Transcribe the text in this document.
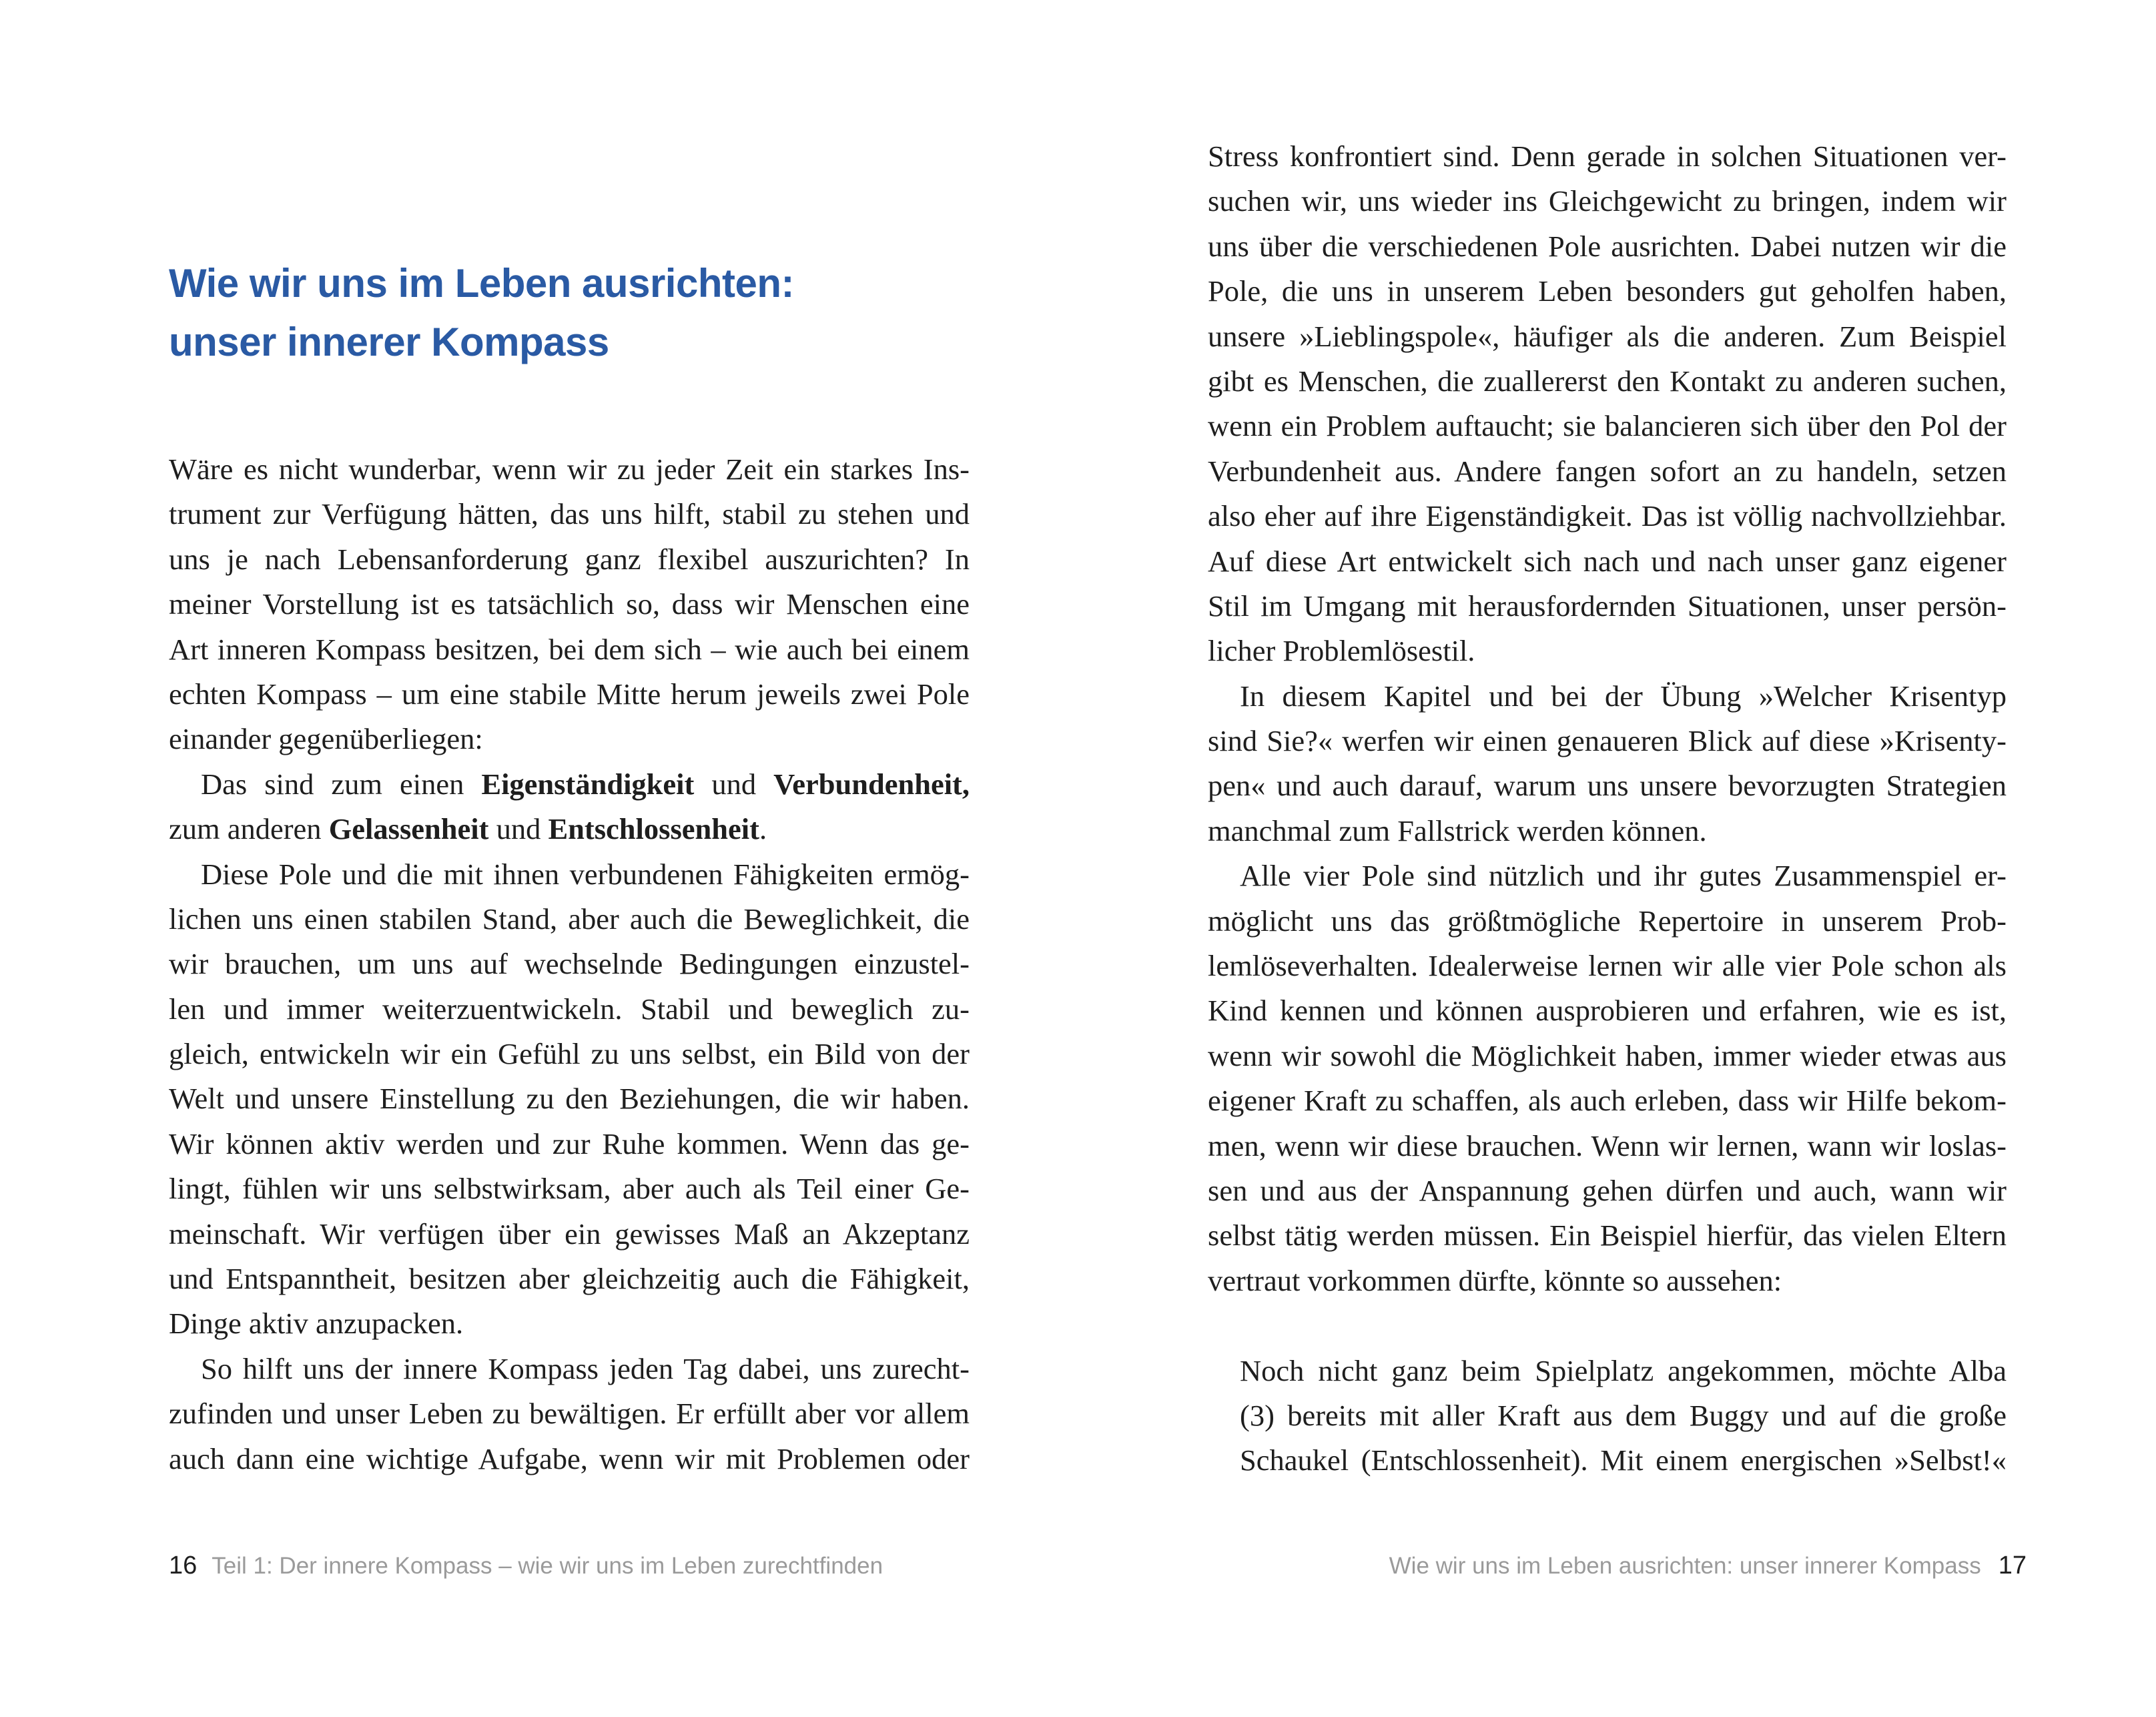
Wie wir uns im Leben ausrichten:
unser innerer Kompass
Wäre es nicht wunderbar, wenn wir zu jeder Zeit ein starkes Ins-
trument zur Verfügung hätten, das uns hilft, stabil zu stehen und
uns je nach Lebensanforderung ganz flexibel auszurichten? In
meiner Vorstellung ist es tatsächlich so, dass wir Menschen eine
Art inneren Kompass besitzen, bei dem sich – wie auch bei einem
echten Kompass – um eine stabile Mitte herum jeweils zwei Pole
einander gegenüberliegen:
Das sind zum einen Eigenständigkeit und Verbundenheit,
zum anderen Gelassenheit und Entschlossenheit.
Diese Pole und die mit ihnen verbundenen Fähigkeiten ermög-
lichen uns einen stabilen Stand, aber auch die Beweglichkeit, die
wir brauchen, um uns auf wechselnde Bedingungen einzustel-
len und immer weiterzuentwickeln. Stabil und beweglich zu-
gleich, entwickeln wir ein Gefühl zu uns selbst, ein Bild von der
Welt und unsere Einstellung zu den Beziehungen, die wir haben.
Wir können aktiv werden und zur Ruhe kommen. Wenn das ge-
lingt, fühlen wir uns selbstwirksam, aber auch als Teil einer Ge-
meinschaft. Wir verfügen über ein gewisses Maß an Akzeptanz
und Entspanntheit, besitzen aber gleichzeitig auch die Fähigkeit,
Dinge aktiv anzupacken.
So hilft uns der innere Kompass jeden Tag dabei, uns zurecht-
zufinden und unser Leben zu bewältigen. Er erfüllt aber vor allem
auch dann eine wichtige Aufgabe, wenn wir mit Problemen oder
16 Teil 1: Der innere Kompass – wie wir uns im Leben zurechtfinden
Stress konfrontiert sind. Denn gerade in solchen Situationen ver-
suchen wir, uns wieder ins Gleichgewicht zu bringen, indem wir
uns über die verschiedenen Pole ausrichten. Dabei nutzen wir die
Pole, die uns in unserem Leben besonders gut geholfen haben,
unsere »Lieblingspole«, häufiger als die anderen. Zum Beispiel
gibt es Menschen, die zuallererst den Kontakt zu anderen suchen,
wenn ein Problem auftaucht; sie balancieren sich über den Pol der
Verbundenheit aus. Andere fangen sofort an zu handeln, setzen
also eher auf ihre Eigenständigkeit. Das ist völlig nachvollziehbar.
Auf diese Art entwickelt sich nach und nach unser ganz eigener
Stil im Umgang mit herausfordernden Situationen, unser persön-
licher Problemlösestil.
In diesem Kapitel und bei der Übung »Welcher Krisentyp
sind Sie?« werfen wir einen genaueren Blick auf diese »Krisenty-
pen« und auch darauf, warum uns unsere bevorzugten Strategien
manchmal zum Fallstrick werden können.
Alle vier Pole sind nützlich und ihr gutes Zusammenspiel er-
möglicht uns das größtmögliche Repertoire in unserem Prob-
lemlöseverhalten. Idealerweise lernen wir alle vier Pole schon als
Kind kennen und können ausprobieren und erfahren, wie es ist,
wenn wir sowohl die Möglichkeit haben, immer wieder etwas aus
eigener Kraft zu schaffen, als auch erleben, dass wir Hilfe bekom-
men, wenn wir diese brauchen. Wenn wir lernen, wann wir loslas-
sen und aus der Anspannung gehen dürfen und auch, wann wir
selbst tätig werden müssen. Ein Beispiel hierfür, das vielen Eltern
vertraut vorkommen dürfte, könnte so aussehen:
Noch nicht ganz beim Spielplatz angekommen, möchte Alba
(3) bereits mit aller Kraft aus dem Buggy und auf die große
Schaukel (Entschlossenheit). Mit einem energischen »Selbst!«
Wie wir uns im Leben ausrichten: unser innerer Kompass 17
